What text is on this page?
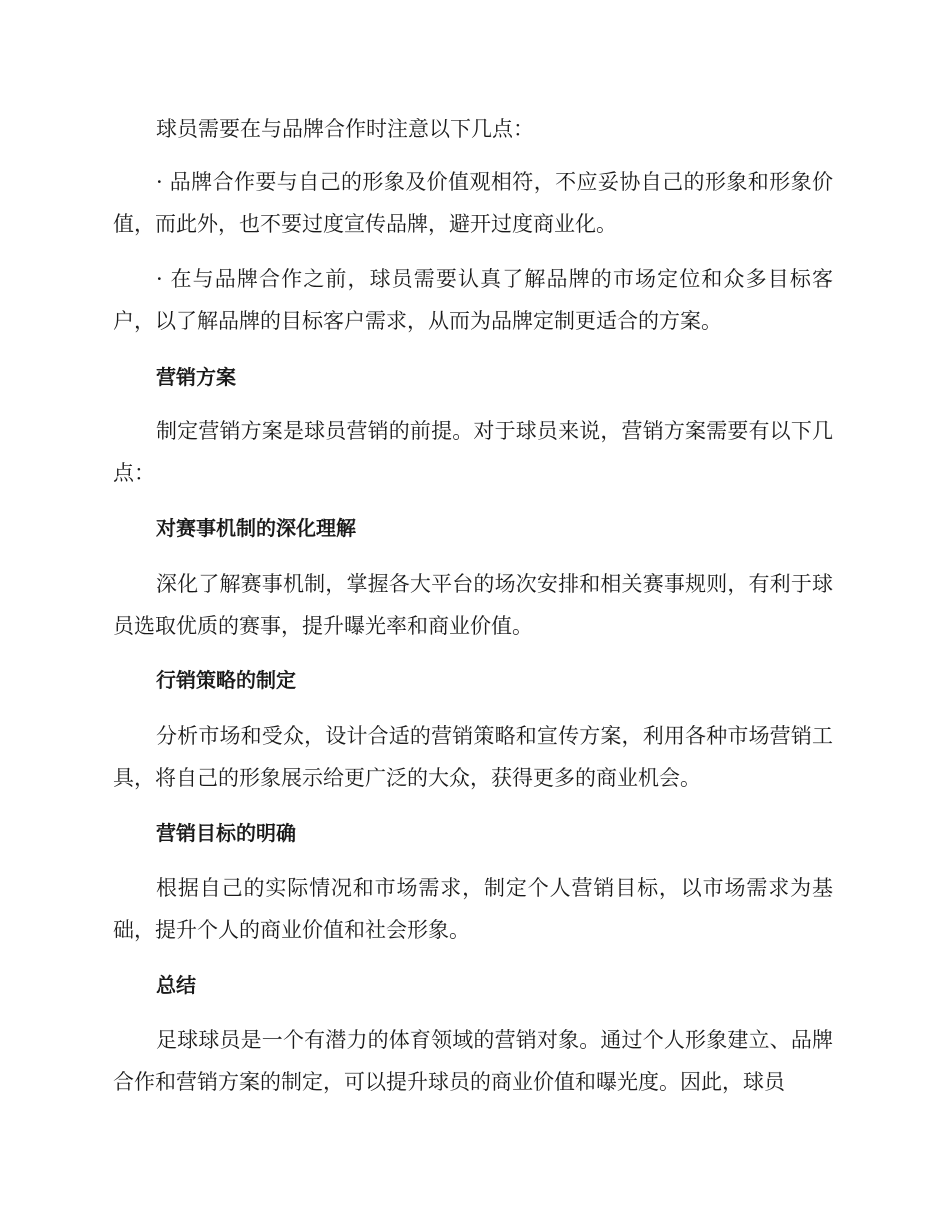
球员需要在与品牌合作时注意以下几点：

· 品牌合作要与自己的形象及价值观相符，不应妥协自己的形象和形象价值，而此外，也不要过度宣传品牌，避开过度商业化。

· 在与品牌合作之前，球员需要认真了解品牌的市场定位和众多目标客户，以了解品牌的目标客户需求，从而为品牌定制更适合的方案。

营销方案

制定营销方案是球员营销的前提。对于球员来说，营销方案需要有以下几点：

对赛事机制的深化理解

深化了解赛事机制，掌握各大平台的场次安排和相关赛事规则，有利于球员选取优质的赛事，提升曝光率和商业价值。

行销策略的制定

分析市场和受众，设计合适的营销策略和宣传方案，利用各种市场营销工具，将自己的形象展示给更广泛的大众，获得更多的商业机会。

营销目标的明确

根据自己的实际情况和市场需求，制定个人营销目标，以市场需求为基础，提升个人的商业价值和社会形象。

总结

足球球员是一个有潜力的体育领域的营销对象。通过个人形象建立、品牌合作和营销方案的制定，可以提升球员的商业价值和曝光度。因此，球员
